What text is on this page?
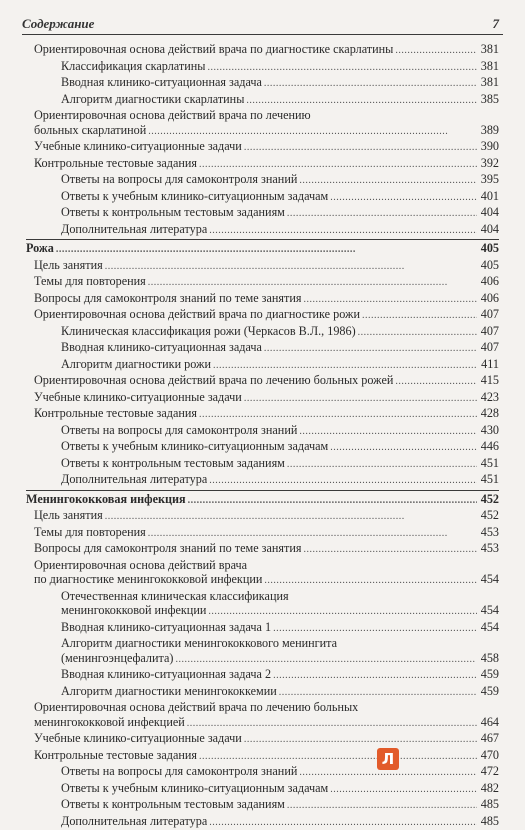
Содержание	7
Ориентировочная основа действий врача по диагностике скарлатины . . .	381
Классификация скарлатины . . .	381
Вводная клинико-ситуационная задача . . .	381
Алгоритм диагностики скарлатины . . .	385
Ориентировочная основа действий врача по лечению
больных скарлатиной . . .	389
Учебные клинико-ситуационные задачи . . .	390
Контрольные тестовые задания . . .	392
Ответы на вопросы для самоконтроля знаний . . .	395
Ответы к учебным клинико-ситуационным задачам . . .	401
Ответы к контрольным тестовым заданиям . . .	404
Дополнительная литература . . .	404
Рожа . . .	405
Цель занятия . . .	405
Темы для повторения . . .	406
Вопросы для самоконтроля знаний по теме занятия . . .	406
Ориентировочная основа действий врача по диагностике рожи . . .	407
Клиническая классификация рожи (Черкасов В.Л., 1986) . . .	407
Вводная клинико-ситуационная задача . . .	407
Алгоритм диагностики рожи . . .	411
Ориентировочная основа действий врача по лечению больных рожей . . .	415
Учебные клинико-ситуационные задачи . . .	423
Контрольные тестовые задания . . .	428
Ответы на вопросы для самоконтроля знаний . . .	430
Ответы к учебным клинико-ситуационным задачам . . .	446
Ответы к контрольным тестовым заданиям . . .	451
Дополнительная литература . . .	451
Менингококковая инфекция . . .	452
Цель занятия . . .	452
Темы для повторения . . .	453
Вопросы для самоконтроля знаний по теме занятия . . .	453
Ориентировочная основа действий врача
по диагностике менингококковой инфекции . . .	454
Отечественная клиническая классификация
менингококковой инфекции . . .	454
Вводная клинико-ситуационная задача 1 . . .	454
Алгоритм диагностики менингококкового менингита
(менингоэнцефалита) . . .	458
Вводная клинико-ситуационная задача 2 . . .	459
Алгоритм диагностики менингококкемии . . .	459
Ориентировочная основа действий врача по лечению больных
менингококковой инфекцией . . .	464
Учебные клинико-ситуационные задачи . . .	467
Контрольные тестовые задания . . .	470
Ответы на вопросы для самоконтроля знаний . . .	472
Ответы к учебным клинико-ситуационным задачам . . .	482
Ответы к контрольным тестовым заданиям . . .	485
Дополнительная литература . . .	485
Л
